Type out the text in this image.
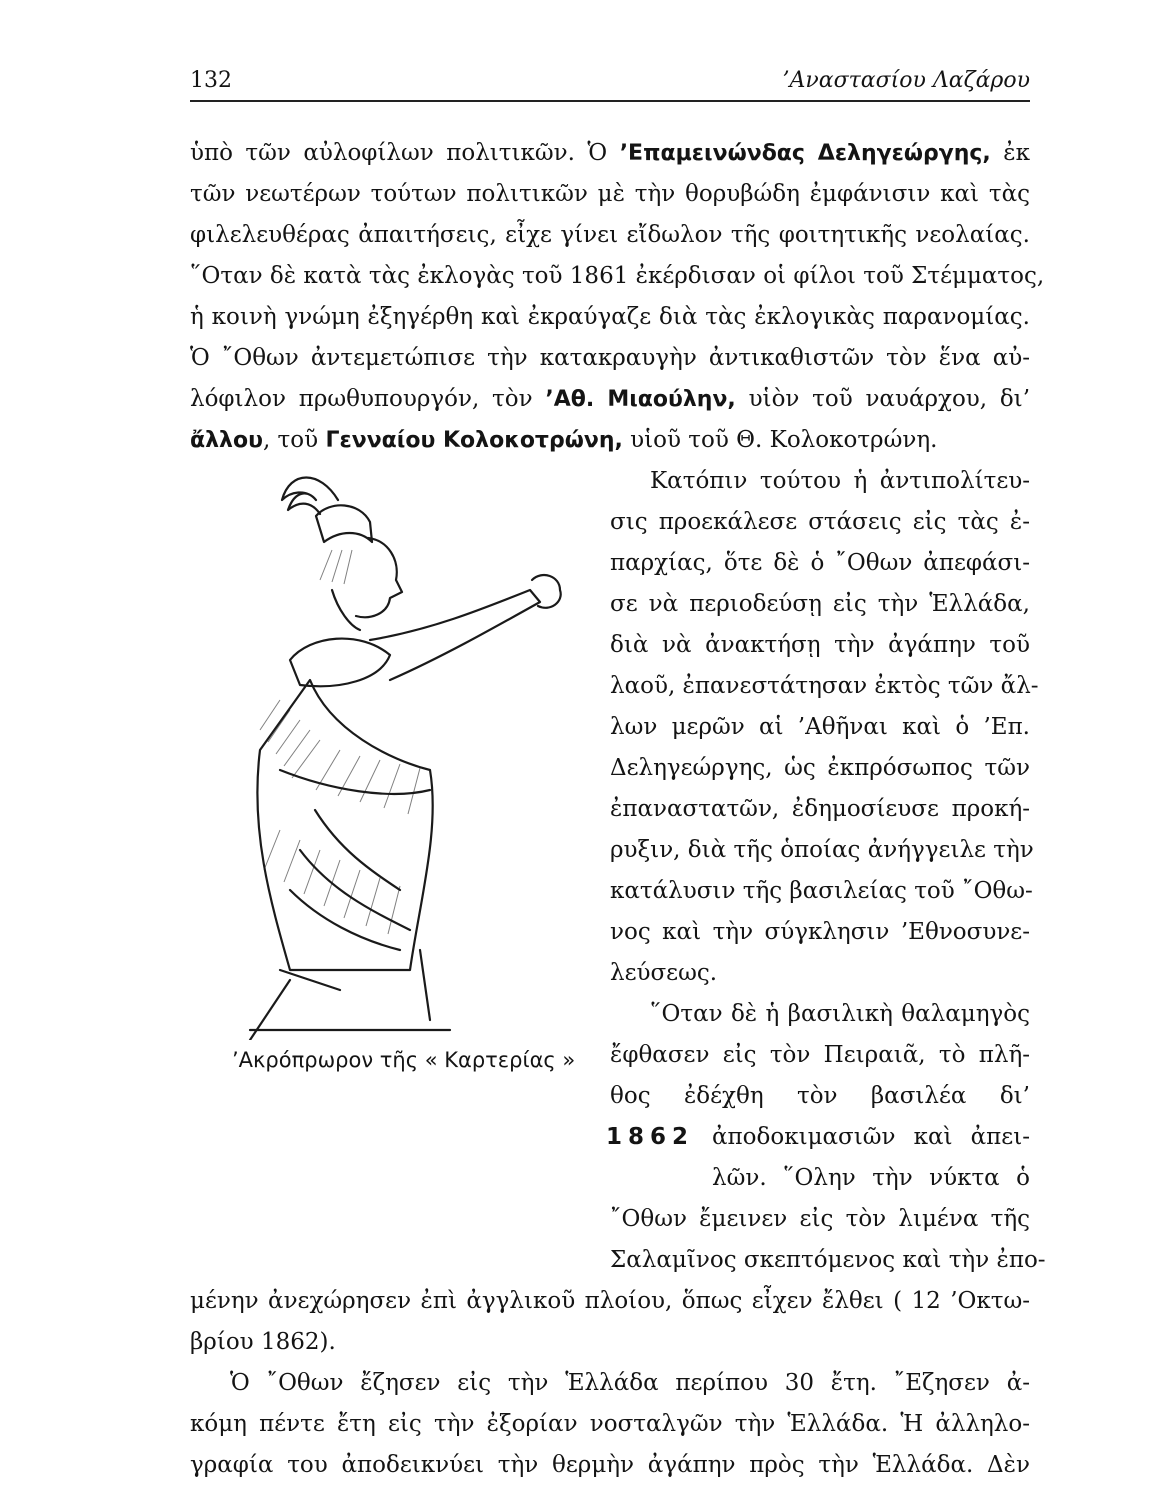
132	’Αναστασίου Λαζάρου
ὑπὸ τῶν αὐλοφίλων πολιτικῶν. Ὁ ’Επαμεινώνδας Δεληγεώργης, ἐκ
τῶν νεωτέρων τούτων πολιτικῶν μὲ τὴν θορυβώδη ἐμφάνισιν καὶ τὰς
φιλελευθέρας ἀπαιτήσεις, εἶχε γίνει εἴδωλον τῆς φοιτητικῆς νεολαίας.
῞Οταν δὲ κατὰ τὰς ἐκλογὰς τοῦ 1861 ἐκέρδισαν οἱ φίλοι τοῦ Στέμματος,
ἡ κοινὴ γνώμη ἐξηγέρθη καὶ ἐκραύγαζε διὰ τὰς ἐκλογικὰς παρανομίας.
Ὁ ῎Οθων ἀντεμετώπισε τὴν κατακραυγὴν ἀντικαθιστῶν τὸν ἕνα αὐ-
λόφιλον πρωθυπουργόν, τὸν ’Αθ. Μιαούλην, υἱὸν τοῦ ναυάρχου, δι’
ἄλλου, τοῦ Γενναίου Κολοκοτρώνη, υἱοῦ τοῦ Θ. Κολοκοτρώνη.
Κατόπιν τούτου ἡ ἀντιπολίτευ-
σις προεκάλεσε στάσεις εἰς τὰς ἐ-
παρχίας, ὅτε δὲ ὁ ῎Οθων ἀπεφάσι-
σε νὰ περιοδεύσῃ εἰς τὴν Ἑλλάδα,
διὰ νὰ ἀνακτήσῃ τὴν ἀγάπην τοῦ
λαοῦ, ἐπανεστάτησαν ἐκτὸς τῶν ἄλ-
λων μερῶν αἱ ’Αθῆναι καὶ ὁ ’Επ.
Δεληγεώργης, ὡς ἐκπρόσωπος τῶν
ἐπαναστατῶν, ἐδημοσίευσε προκή-
ρυξιν, διὰ τῆς ὁποίας ἀνήγγειλε τὴν
κατάλυσιν τῆς βασιλείας τοῦ ῎Οθω-
νος καὶ τὴν σύγκλησιν ’Εθνοσυνε-
λεύσεως.
῞Οταν δὲ ἡ βασιλικὴ θαλαμηγὸς
ἔφθασεν εἰς τὸν Πειραιᾶ, τὸ πλῆ-
θος ἐδέχθη τὸν βασιλέα δι’
1862 ἀποδοκιμασιῶν καὶ ἀπει-
λῶν. ῞Ολην τὴν νύκτα ὁ
῎Οθων ἔμεινεν εἰς τὸν λιμένα τῆς
Σαλαμῖνος σκεπτόμενος καὶ τὴν ἐπο-
μένην ἀνεχώρησεν ἐπὶ ἀγγλικοῦ πλοίου, ὅπως εἶχεν ἔλθει ( 12 ’Οκτω-
βρίου 1862).
Ὁ ῎Οθων ἔζησεν εἰς τὴν Ἑλλάδα περίπου 30 ἔτη. ῎Εζησεν ἀ-
κόμη πέντε ἔτη εἰς τὴν ἐξορίαν νοσταλγῶν τὴν Ἑλλάδα. Ἡ ἀλληλο-
γραφία του ἀποδεικνύει τὴν θερμὴν ἀγάπην πρὸς τὴν Ἑλλάδα. Δὲν
’Ακρόπρωρον τῆς « Καρτερίας »
